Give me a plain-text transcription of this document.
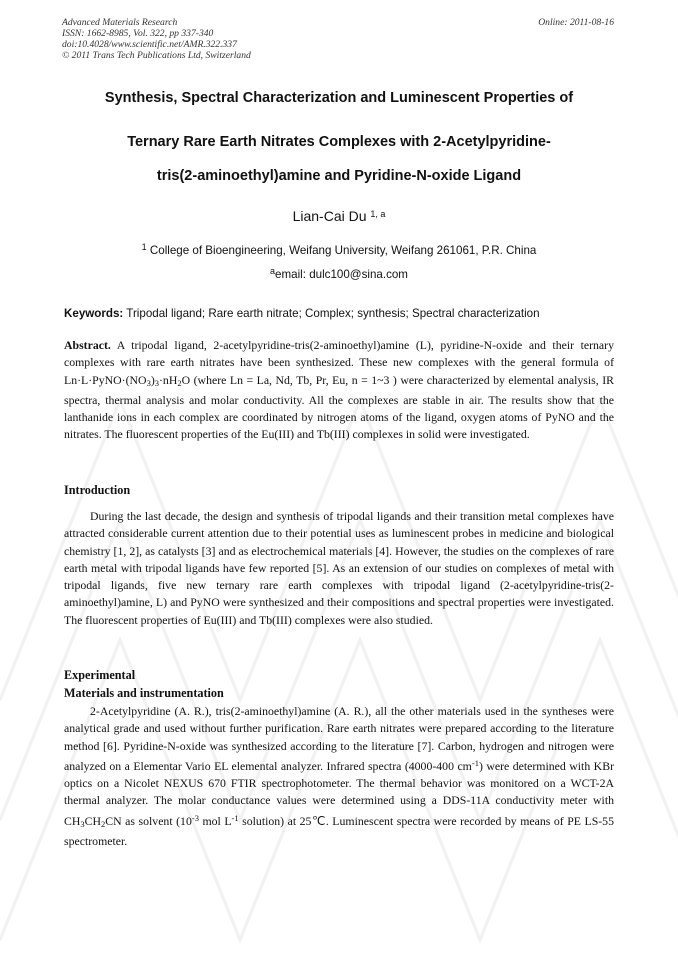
Advanced Materials Research
ISSN: 1662-8985, Vol. 322, pp 337-340
doi:10.4028/www.scientific.net/AMR.322.337
© 2011 Trans Tech Publications Ltd, Switzerland
Online: 2011-08-16
Synthesis, Spectral Characterization and Luminescent Properties of
Ternary Rare Earth Nitrates Complexes with 2-Acetylpyridine-
tris(2-aminoethyl)amine and Pyridine-N-oxide Ligand
Lian-Cai Du $^{1, a}$
$^1$ College of Bioengineering, Weifang University, Weifang 261061, P.R. China
$^a$email: dulc100@sina.com
Keywords: Tripodal ligand; Rare earth nitrate; Complex; synthesis; Spectral characterization
Abstract. A tripodal ligand, 2-acetylpyridine-tris(2-aminoethyl)amine (L), pyridine-N-oxide and their ternary complexes with rare earth nitrates have been synthesized. These new complexes with the general formula of $Ln\cdot L\cdot PyNO\cdot(NO_3)_3\cdot nH_2O$ (where Ln = La, Nd, Tb, Pr, Eu, n = 1~3 ) were characterized by elemental analysis, IR spectra, thermal analysis and molar conductivity. All the complexes are stable in air. The results show that the lanthanide ions in each complex are coordinated by nitrogen atoms of the ligand, oxygen atoms of PyNO and the nitrates. The fluorescent properties of the Eu(III) and Tb(III) complexes in solid were investigated.
Introduction
During the last decade, the design and synthesis of tripodal ligands and their transition metal complexes have attracted considerable current attention due to their potential uses as luminescent probes in medicine and biological chemistry [1, 2], as catalysts [3] and as electrochemical materials [4]. However, the studies on the complexes of rare earth metal with tripodal ligands have few reported [5]. As an extension of our studies on complexes of metal with tripodal ligands, five new ternary rare earth complexes with tripodal ligand (2-acetylpyridine-tris(2-aminoethyl)amine, L) and PyNO were synthesized and their compositions and spectral properties were investigated. The fluorescent properties of Eu(III) and Tb(III) complexes were also studied.
Experimental
Materials and instrumentation
2-Acetylpyridine (A. R.), tris(2-aminoethyl)amine (A. R.), all the other materials used in the syntheses were analytical grade and used without further purification. Rare earth nitrates were prepared according to the literature method [6]. Pyridine-N-oxide was synthesized according to the literature [7]. Carbon, hydrogen and nitrogen were analyzed on a Elementar Vario EL elemental analyzer. Infrared spectra (4000-400 $cm^{-1}$) were determined with KBr optics on a Nicolet NEXUS 670 FTIR spectrophotometer. The thermal behavior was monitored on a WCT-2A thermal analyzer. The molar conductance values were determined using a DDS-11A conductivity meter with $CH_3CH_2CN$ as solvent ($10^{-3}$ mol $L^{-1}$ solution) at 25℃. Luminescent spectra were recorded by means of PE LS-55 spectrometer.
